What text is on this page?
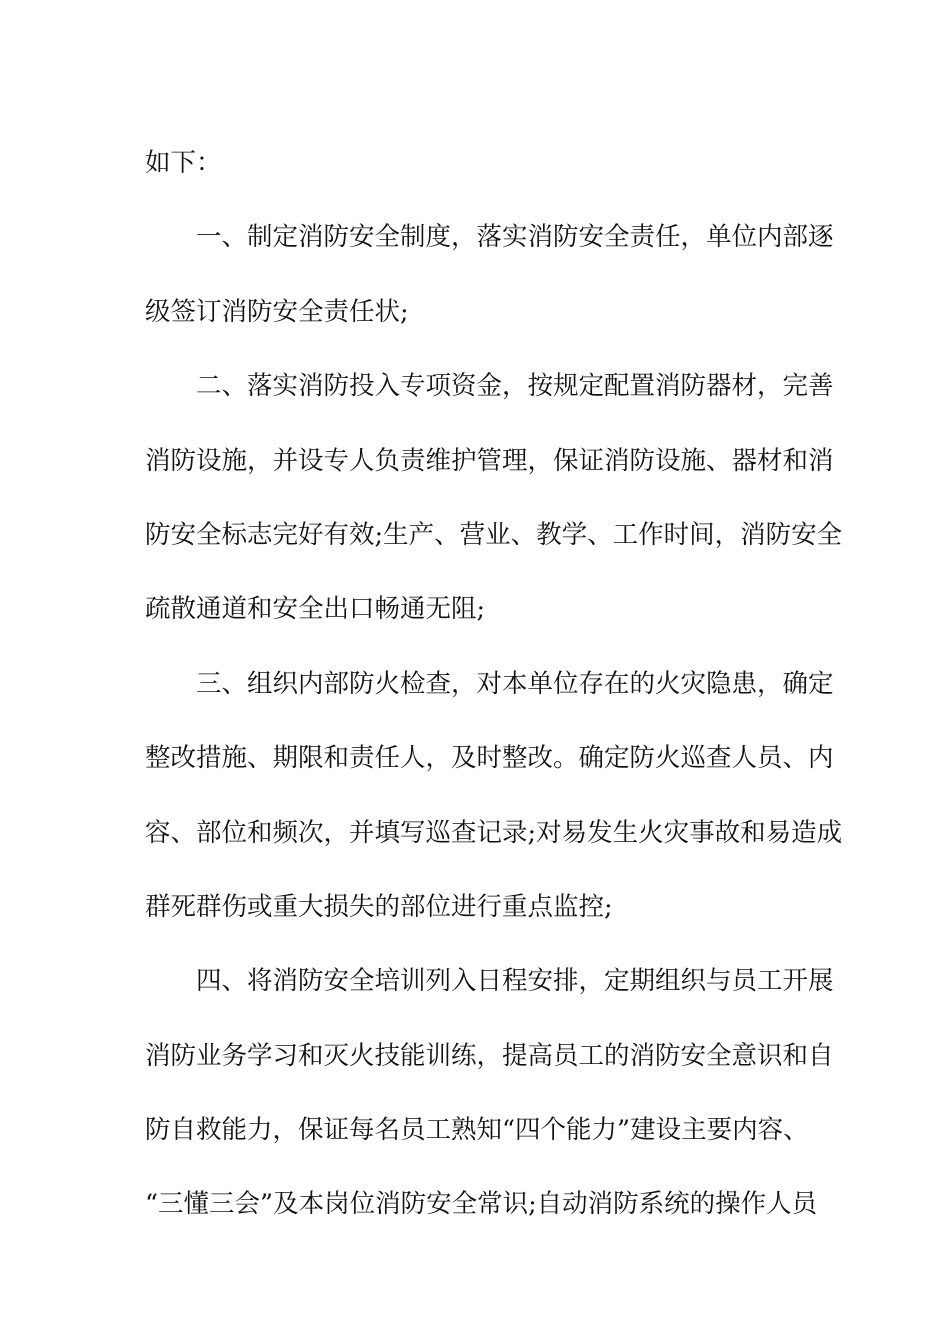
如下：
一、制定消防安全制度，落实消防安全责任，单位内部逐
级签订消防安全责任状;
二、落实消防投入专项资金，按规定配置消防器材，完善
消防设施，并设专人负责维护管理，保证消防设施、器材和消
防安全标志完好有效;生产、营业、教学、工作时间，消防安全
疏散通道和安全出口畅通无阻;
三、组织内部防火检查，对本单位存在的火灾隐患，确定
整改措施、期限和责任人，及时整改。确定防火巡查人员、内
容、部位和频次，并填写巡查记录;对易发生火灾事故和易造成
群死群伤或重大损失的部位进行重点监控;
四、将消防安全培训列入日程安排，定期组织与员工开展
消防业务学习和灭火技能训练，提高员工的消防安全意识和自
防自救能力，保证每名员工熟知“四个能力”建设主要内容、
“三懂三会”及本岗位消防安全常识;自动消防系统的操作人员
